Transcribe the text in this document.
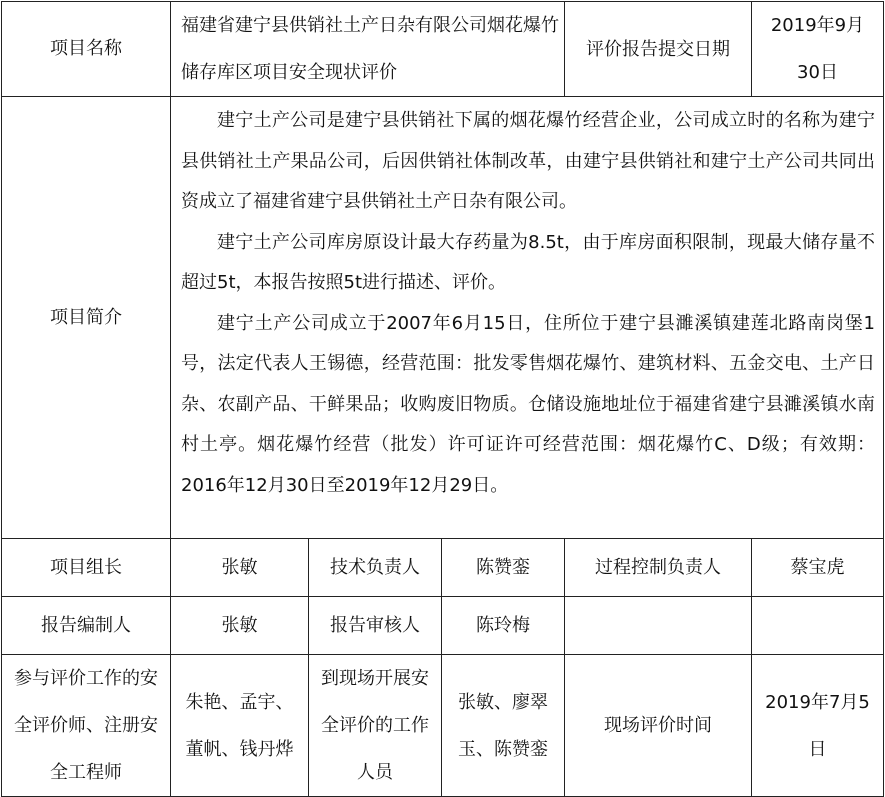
项目名称	福建省建宁县供销社土产日杂有限公司烟花爆竹储存库区项目安全现状评价			评价报告提交日期	2019年9月30日
项目简介	建宁土产公司是建宁县供销社下属的烟花爆竹经营企业，公司成立时的名称为建宁县供销社土产果品公司，后因供销社体制改革，由建宁县供销社和建宁土产公司共同出资成立了福建省建宁县供销社土产日杂有限公司。

建宁土产公司库房原设计最大存药量为8.5t，由于库房面积限制，现最大储存量不超过5t，本报告按照5t进行描述、评价。

建宁土产公司成立于2007年6月15日，住所位于建宁县濉溪镇建莲北路南岗堡1号，法定代表人王锡德，经营范围：批发零售烟花爆竹、建筑材料、五金交电、土产日杂、农副产品、干鲜果品；收购废旧物质。仓储设施地址位于福建省建宁县濉溪镇水南村土亭。烟花爆竹经营（批发）许可证许可经营范围：烟花爆竹C、D级；有效期：2016年12月30日至2019年12月29日。				

项目组长	张敏	技术负责人	陈赞銮	过程控制负责人	蔡宝虎
报告编制人	张敏	报告审核人	陈玲梅		
参与评价工作的安全评价师、注册安全工程师	朱艳、孟宇、董帆、钱丹烨	到现场开展安全评价的工作人员	张敏、廖翠玉、陈赞銮	现场评价时间	2019年7月5日
